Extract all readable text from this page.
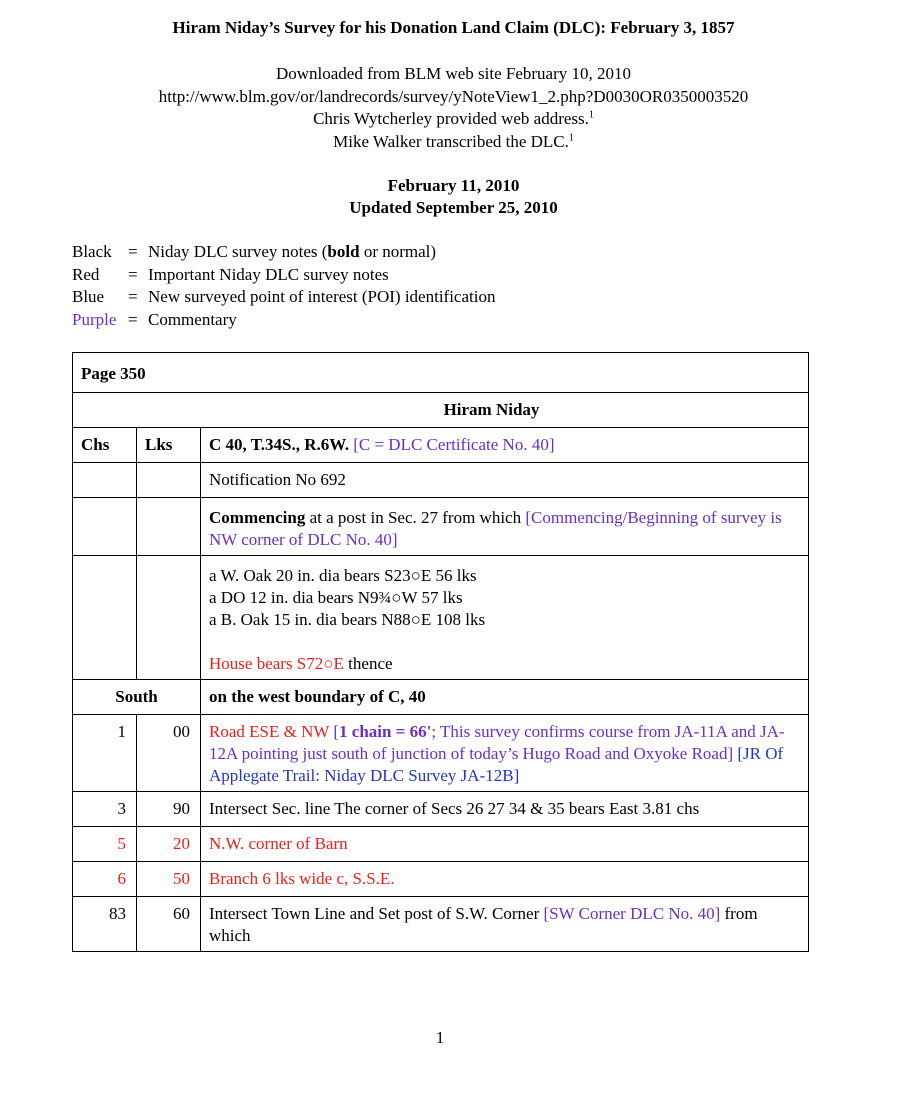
Hiram Niday’s Survey for his Donation Land Claim (DLC): February 3, 1857
Downloaded from BLM web site February 10, 2010
http://www.blm.gov/or/landrecords/survey/yNoteView1_2.php?D0030OR0350003520
Chris Wytcherley provided web address.$^1$
Mike Walker transcribed the DLC.$^1$
February 11, 2010
Updated September 25, 2010
Black = Niday DLC survey notes (bold or normal)
Red	= Important Niday DLC survey notes
Blue	= New surveyed point of interest (POI) identification
Purple = Commentary
Page 350		
Hiram Niday		
Chs	Lks	C 40, T.34S., R.6W. [C = DLC Certificate No. 40]
		Notification No 692
		Commencing at a post in Sec. 27 from which [Commencing/Beginning of survey is NW corner of DLC No. 40]

		a W. Oak 20 in. dia bears S23○E 56 lks
a DO 12 in. dia bears N9¾○W 57 lks
a B. Oak 15 in. dia bears N88○E 108 lks
House bears S72○E thence

South		on the west boundary of C, 40
1	00	Road ESE & NW [1 chain = 66'; This survey confirms course from JA-11A and JA-12A pointing just south of junction of today’s Hugo Road and Oxyoke Road] [JR Of Applegate Trail: Niday DLC Survey JA-12B]
3	90	Intersect Sec. line The corner of Secs 26 27 34 & 35 bears East 3.81 chs
5	20	N.W. corner of Barn
6	50	Branch 6 lks wide c, S.S.E.
83	60	Intersect Town Line and Set post of S.W. Corner [SW Corner DLC No. 40] from which
1
